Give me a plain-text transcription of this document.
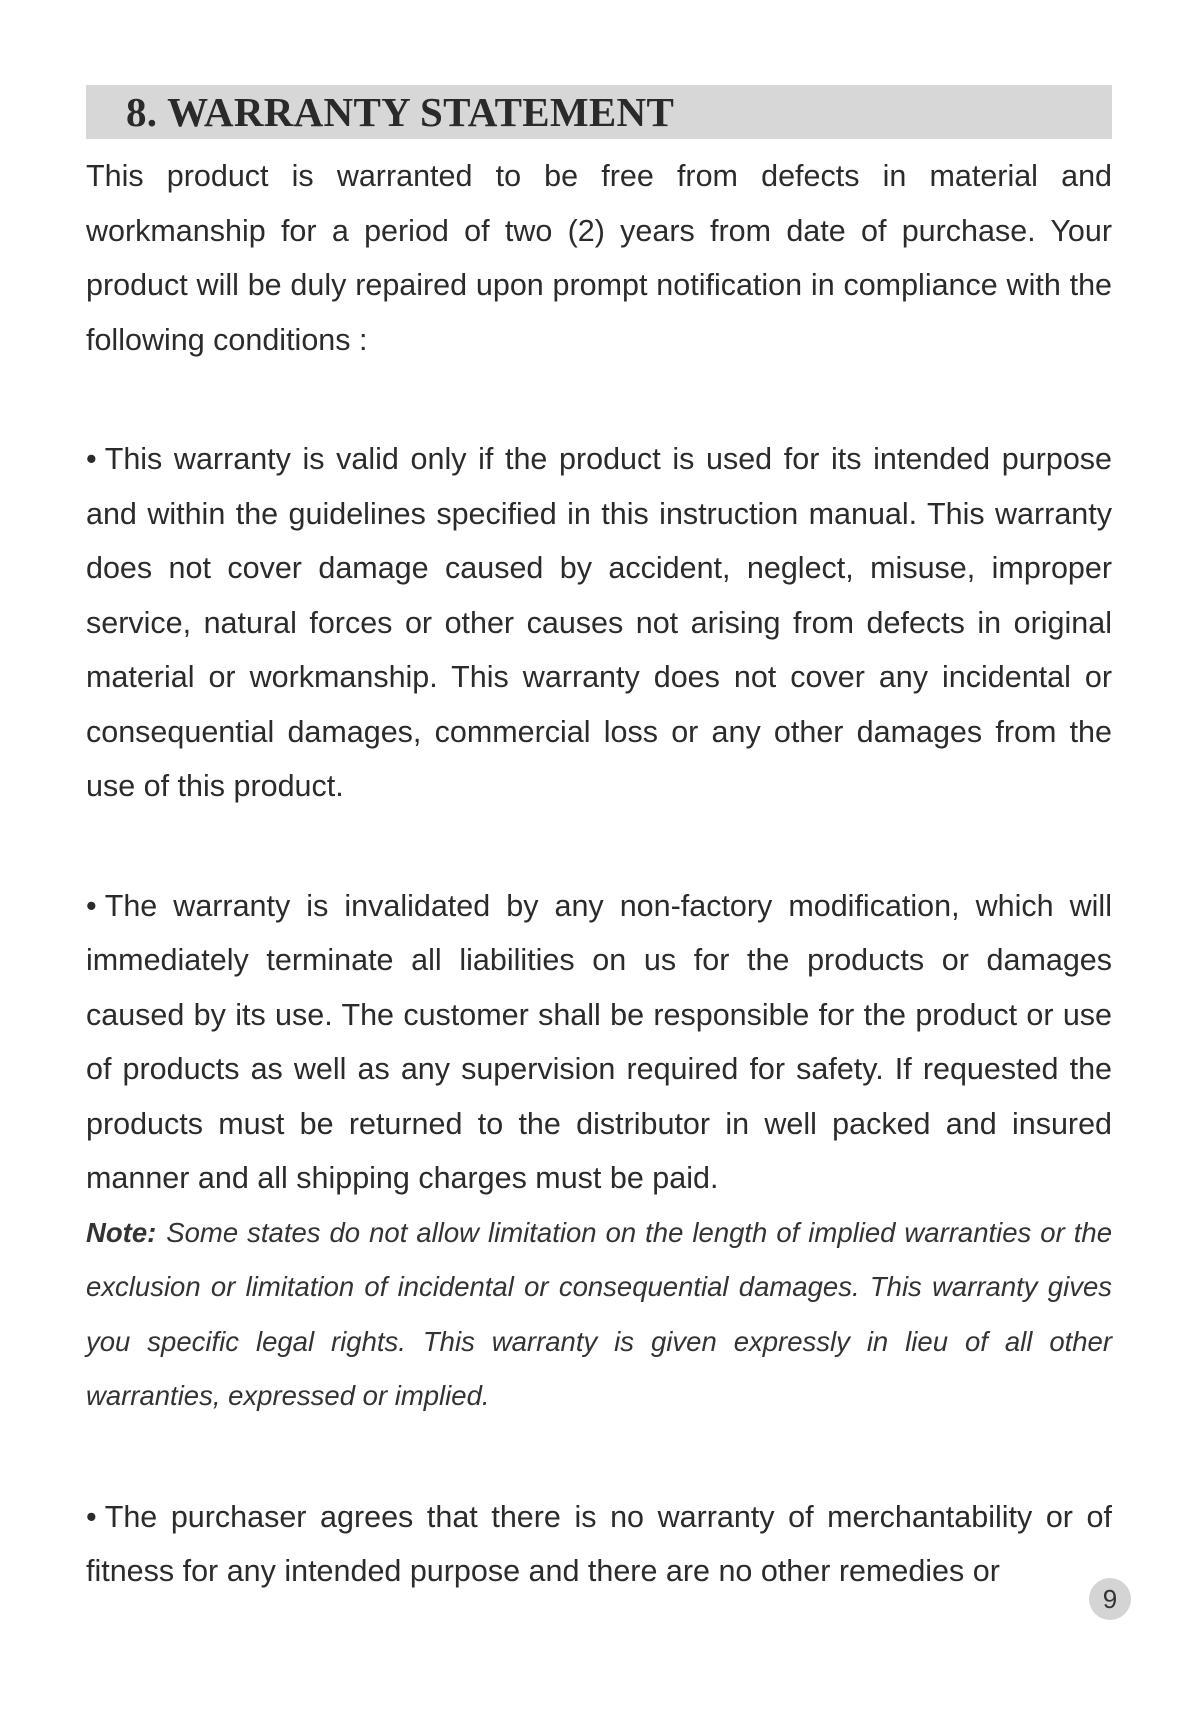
8. WARRANTY STATEMENT

This product is warranted to be free from defects in material and workmanship for a period of two (2) years from date of purchase. Your product will be duly repaired upon prompt notification in compliance with the following conditions :

• This warranty is valid only if the product is used for its intended purpose and within the guidelines specified in this instruction manual. This warranty does not cover damage caused by accident, neglect, misuse, improper service, natural forces or other causes not arising from defects in original material or workmanship. This warranty does not cover any incidental or consequential damages, commercial loss or any other damages from the use of this product.

• The warranty is invalidated by any non-factory modification, which will immediately terminate all liabilities on us for the products or damages caused by its use. The customer shall be responsible for the product or use of products as well as any supervision required for safety. If requested the products must be returned to the distributor in well packed and insured manner and all shipping charges must be paid.

Note: Some states do not allow limitation on the length of implied warranties or the exclusion or limitation of incidental or consequential damages. This warranty gives you specific legal rights. This warranty is given expressly in lieu of all other warranties, expressed or implied.

• The purchaser agrees that there is no warranty of merchantability or of fitness for any intended purpose and there are no other remedies or

9
